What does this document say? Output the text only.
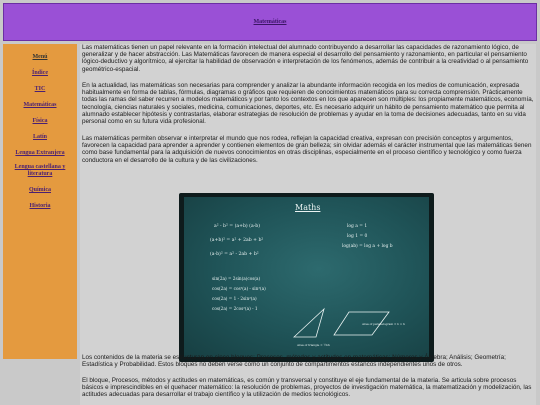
Matemáticas
Menú
Índice
TIC
Matemáticas
Física
Latín
Lengua Extranjera
Lengua castellana y literatura
Química
Historia

Las matemáticas tienen un papel relevante en la formación intelectual del alumnado contribuyendo a desarrollar las capacidades de razonamiento lógico, de generalizar y de hacer abstracción. Las Matemáticas favorecen de manera especial el desarrollo del pensamiento y razonamiento, en particular el pensamiento lógico-deductivo y algorítmico, al ejercitar la habilidad de observación e interpretación de los fenómenos, además de contribuir a la creatividad o al pensamiento geométrico-espacial.

En la actualidad, las matemáticas son necesarias para comprender y analizar la abundante información recogida en los medios de comunicación, expresada habitualmente en forma de tablas, fórmulas, diagramas o gráficos que requieren de conocimientos matemáticos para su correcta comprensión. Prácticamente todas las ramas del saber recurren a modelos matemáticos y por tanto los contextos en los que aparecen son múltiples: los propiamente matemáticos, economía, tecnología, ciencias naturales y sociales, medicina, comunicaciones, deportes, etc. Es necesario adquirir un hábito de pensamiento matemático que permita al alumnado establecer hipótesis y contrastarlas, elaborar estrategias de resolución de problemas y ayudar en la toma de decisiones adecuadas, tanto en su vida personal como en su futura vida profesional.

Las matemáticas permiten observar e interpretar el mundo que nos rodea, reflejan la capacidad creativa, expresan con precisión conceptos y argumentos, favorecen la capacidad para aprender a aprender y contienen elementos de gran belleza; sin olvidar además el carácter instrumental que las matemáticas tienen como base fundamental para la adquisición de nuevos conocimientos en otras disciplinas, especialmente en el proceso científico y tecnológico y como fuerza conductora en el desarrollo de la cultura y de las civilizaciones.

Maths
a² - b² = (a+b) (a-b)
(a+b)² = a² + 2ab + b²
(a-b)² = a² - 2ab + b²
sin(2a) = 2sin(a)cos(a)
cos(2a) = cos²(a) - sin²(a)
cos(2a) = 1 - 2sin²(a)
cos(2a) = 2cos²(a) - 1
log a = 1
log 1 = 0
log(ab) = log a + log b
Area of triangle = ½bh
Area of parallelogram = b × h

Los contenidos de la materia se estructuran en cinco bloques: Procesos, métodos y actitudes en matemáticas; Números y Álgebra; Análisis; Geometría; Estadística y Probabilidad. Estos bloques no deben verse como un conjunto de compartimentos estancos independientes unos de otros.

El bloque, Procesos, métodos y actitudes en matemáticas, es común y transversal y constituye el eje fundamental de la materia. Se articula sobre procesos básicos e imprescindibles en el quehacer matemático: la resolución de problemas, proyectos de investigación matemática, la matematización y modelización, las actitudes adecuadas para desarrollar el trabajo científico y la utilización de medios tecnológicos.
